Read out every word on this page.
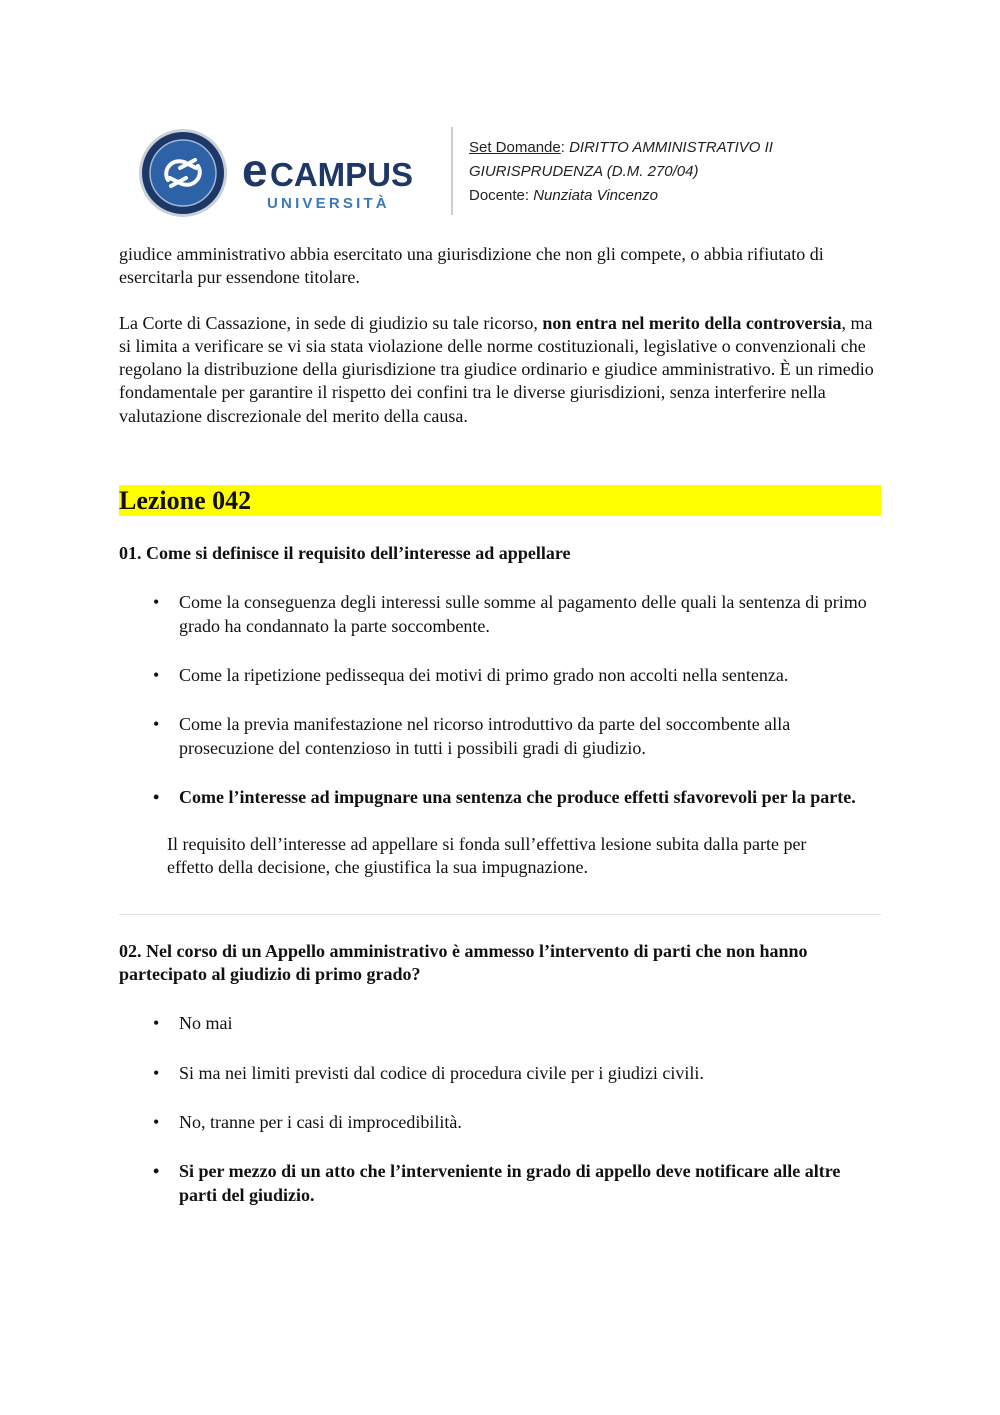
e CAMPUS
UNIVERSITÀ
Set Domande: DIRITTO AMMINISTRATIVO II
GIURISPRUDENZA (D.M. 270/04)
Docente: Nunziata Vincenzo

giudice amministrativo abbia esercitato una giurisdizione che non gli compete, o abbia rifiutato di esercitarla pur essendone titolare.

La Corte di Cassazione, in sede di giudizio su tale ricorso, non entra nel merito della controversia, ma si limita a verificare se vi sia stata violazione delle norme costituzionali, legislative o convenzionali che regolano la distribuzione della giurisdizione tra giudice ordinario e giudice amministrativo. È un rimedio fondamentale per garantire il rispetto dei confini tra le diverse giurisdizioni, senza interferire nella valutazione discrezionale del merito della causa.

Lezione 042

01. Come si definisce il requisito dell’interesse ad appellare

• Come la conseguenza degli interessi sulle somme al pagamento delle quali la sentenza di primo grado ha condannato la parte soccombente.
• Come la ripetizione pedissequa dei motivi di primo grado non accolti nella sentenza.
• Come la previa manifestazione nel ricorso introduttivo da parte del soccombente alla prosecuzione del contenzioso in tutti i possibili gradi di giudizio.
• Come l’interesse ad impugnare una sentenza che produce effetti sfavorevoli per la parte.

Il requisito dell’interesse ad appellare si fonda sull’effettiva lesione subita dalla parte per effetto della decisione, che giustifica la sua impugnazione.

02. Nel corso di un Appello amministrativo è ammesso l’intervento di parti che non hanno partecipato al giudizio di primo grado?

• No mai
• Si ma nei limiti previsti dal codice di procedura civile per i giudizi civili.
• No, tranne per i casi di improcedibilità.
• Si per mezzo di un atto che l’interveniente in grado di appello deve notificare alle altre parti del giudizio.
